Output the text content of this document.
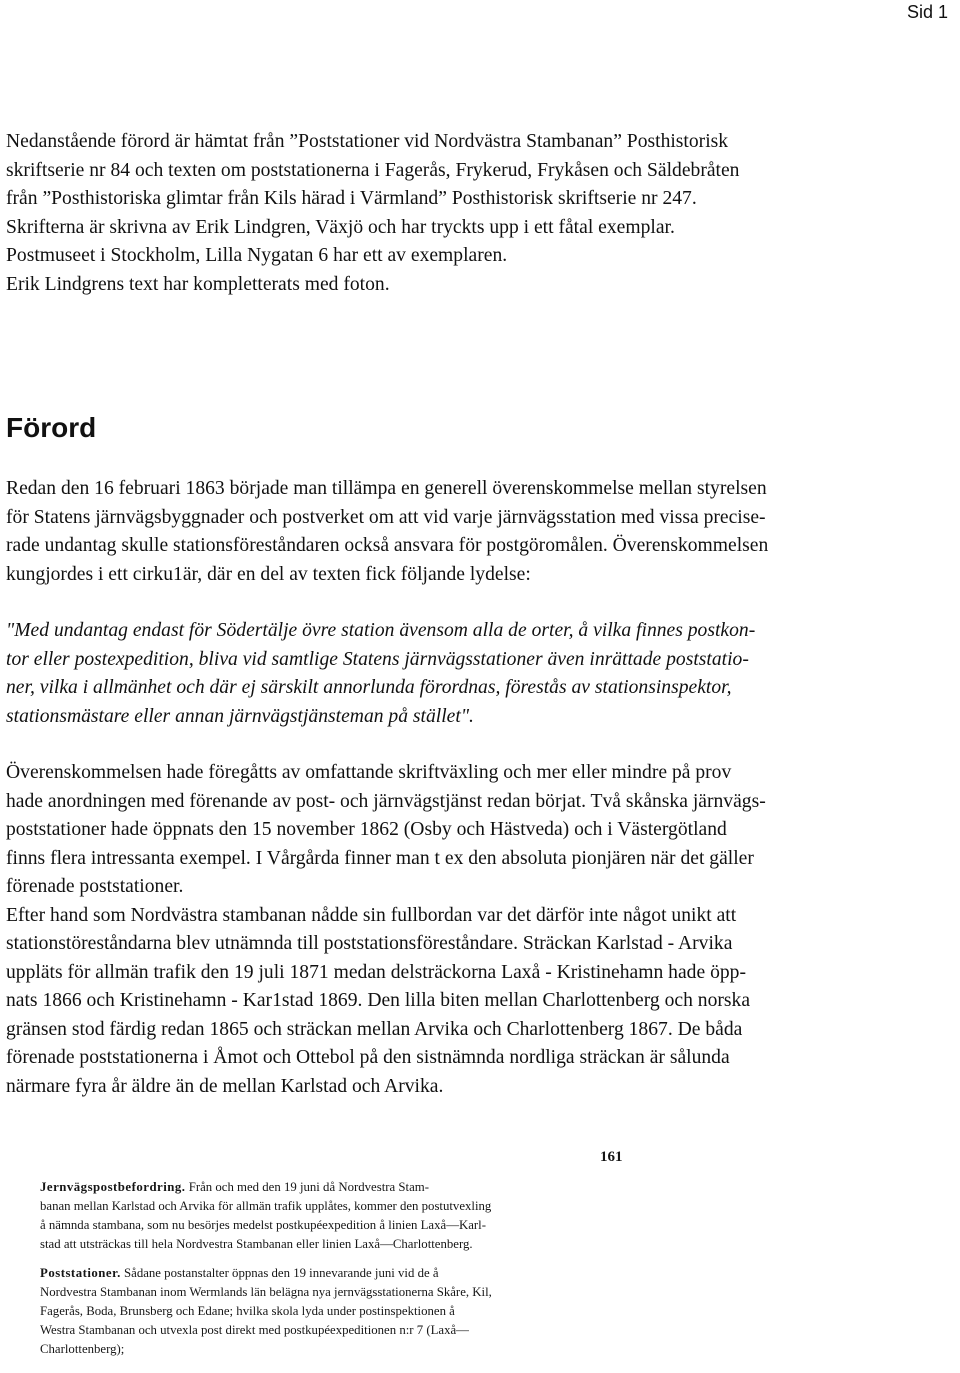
Sid 1

Nedanstående förord är hämtat från ”Poststationer vid Nordvästra Stambanan” Posthistorisk

skriftserie nr 84 och texten om poststationerna i Fagerås, Frykerud, Frykåsen och Säldebråten

från ”Posthistoriska glimtar från Kils härad i Värmland” Posthistorisk skriftserie nr 247.

Skrifterna är skrivna av Erik Lindgren, Växjö och har tryckts upp i ett fåtal exemplar.

Postmuseet i Stockholm, Lilla Nygatan 6 har ett av exemplaren.

Erik Lindgrens text har kompletterats med foton.

Förord

Redan den 16 februari 1863 började man tillämpa en generell överenskommelse mellan styrelsen

för Statens järnvägsbyggnader och postverket om att vid varje järnvägsstation med vissa precise-

rade undantag skulle stationsföreståndaren också ansvara för postgöromålen. Överenskommelsen

kungjordes i ett cirku1är, där en del av texten fick följande lydelse:

"Med undantag endast för Södertälje övre station ävensom alla de orter, å vilka finnes postkon-

tor eller postexpedition, bliva vid samtlige Statens järnvägsstationer även inrättade poststatio-

ner, vilka i allmänhet och där ej särskilt annorlunda förordnas, förestås av stationsinspektor,

stationsmästare eller annan järnvägstjänsteman på stället".

Överenskommelsen hade föregåtts av omfattande skriftväxling och mer eller mindre på prov

hade anordningen med förenande av post- och järnvägstjänst redan börjat. Två skånska järnvägs-

poststationer hade öppnats den 15 november 1862 (Osby och Hästveda) och i Västergötland

finns flera intressanta exempel. I Vårgårda finner man t ex den absoluta pionjären när det gäller

förenade poststationer.

Efter hand som Nordvästra stambanan nådde sin fullbordan var det därför inte något unikt att

stationstöreståndarna blev utnämnda till poststationsföreståndare. Sträckan Karlstad - Arvika

uppläts för allmän trafik den 19 juli 1871 medan delsträckorna Laxå - Kristinehamn hade öpp-

nats 1866 och Kristinehamn - Kar1stad 1869. Den lilla biten mellan Charlottenberg och norska

gränsen stod färdig redan 1865 och sträckan mellan Arvika och Charlottenberg 1867. De båda

förenade poststationerna i Åmot och Ottebol på den sistnämnda nordliga sträckan är sålunda

närmare fyra år äldre än de mellan Karlstad och Arvika.

161
Jernvägspostbefordring. Från och med den 19 juni då Nordvestra Stam-
banan mellan Karlstad och Arvika för allmän trafik upplåtes, kommer den postutvexling
å nämnda stambana, som nu besörjes medelst postkupéexpedition å linien Laxå—Karl-
stad att utsträckas till hela Nordvestra Stambanan eller linien Laxå—Charlottenberg.
Poststationer. Sådane postanstalter öppnas den 19 innevarande juni vid de å
Nordvestra Stambanan inom Wermlands län belägna nya jernvägsstationerna Skåre, Kil,
Fagerås, Boda, Brunsberg och Edane; hvilka skola lyda under postinspektionen å
Westra Stambanan och utvexla post direkt med postkupéexpeditionen n:r 7 (Laxå—
Charlottenberg);
